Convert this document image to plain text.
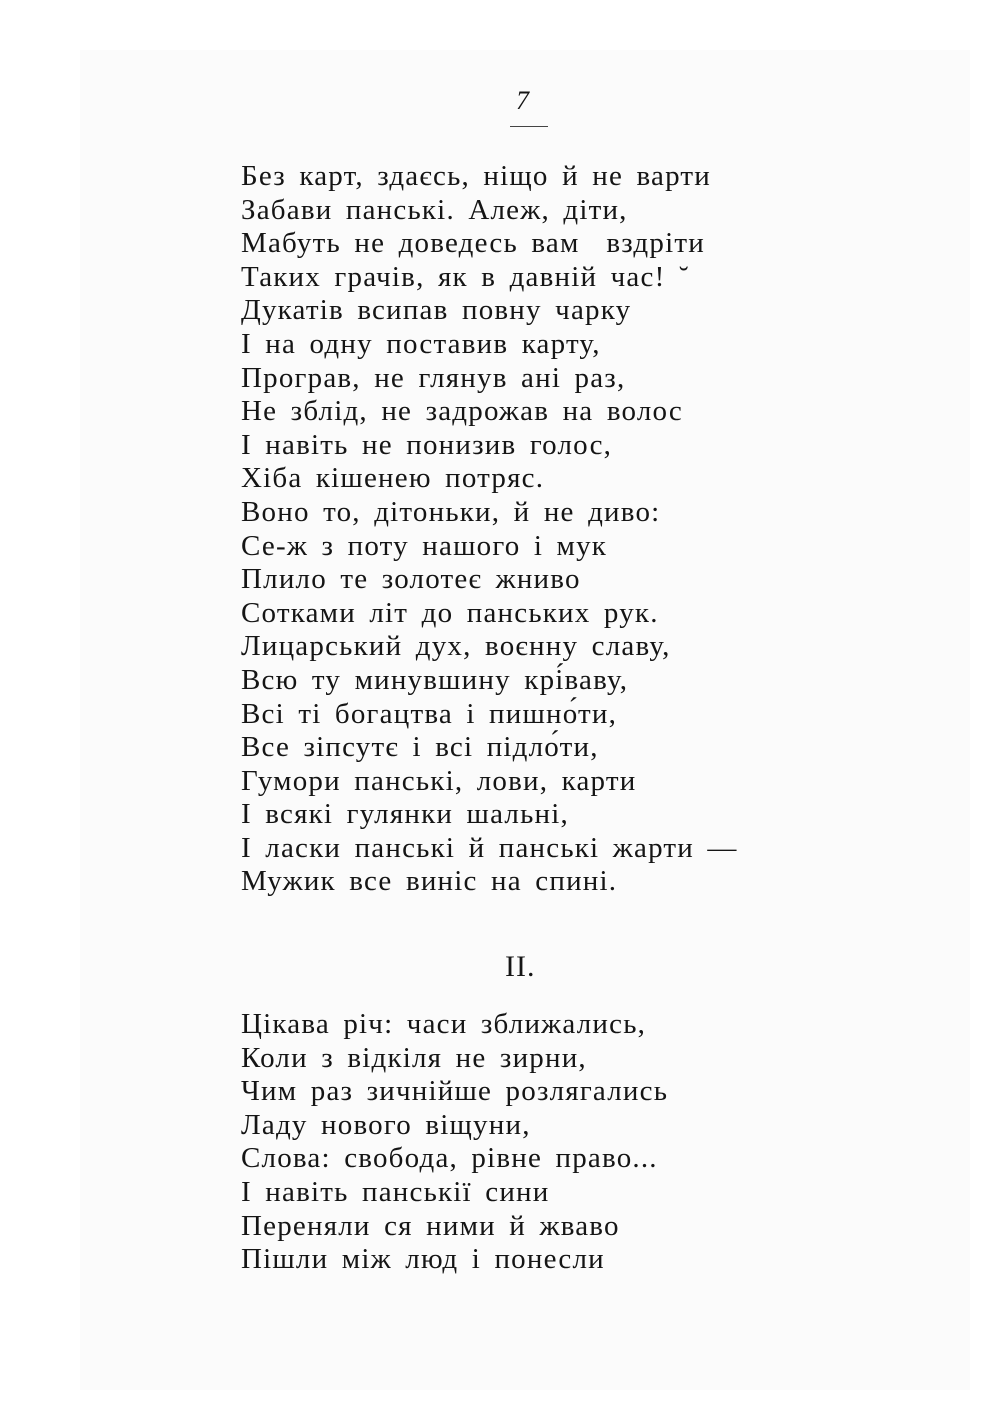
7
Без карт, здаєсь, ніщо й не варти
Забави панські. Алеж, діти,
Мабуть не доведесь вам  вздріти
Таких грачів, як в давній час! ˘
Дукатів всипав повну чарку
І на одну поставив карту,
Програв, не глянув ані раз,
Не зблід, не задрожав на волос
І навіть не понизив голос,
Хіба кішенею потряс.
Воно то, дітоньки, й не диво:
Се-ж з поту нашого і мук
Плило те золотеє жниво
Сотками літ до панських рук.
Лицарський дух, воєнну славу,
Всю ту минувшину крі́ваву,
Всі ті богацтва і пишно́ти,
Все зіпсутє і всі підло́ти,
Гумори панські, лови, карти
І всякі гулянки шальні,
І ласки панські й панські жарти —
Мужик все виніс на спині.
II.
Цікава річ: часи зближались,
Коли з відкіля не зирни,
Чим раз зичнійше розлягались
Ладу нового віщуни,
Слова: свобода, рівне право...
І навіть панськії сини
Переняли ся ними й жваво
Пішли між люд і понесли
